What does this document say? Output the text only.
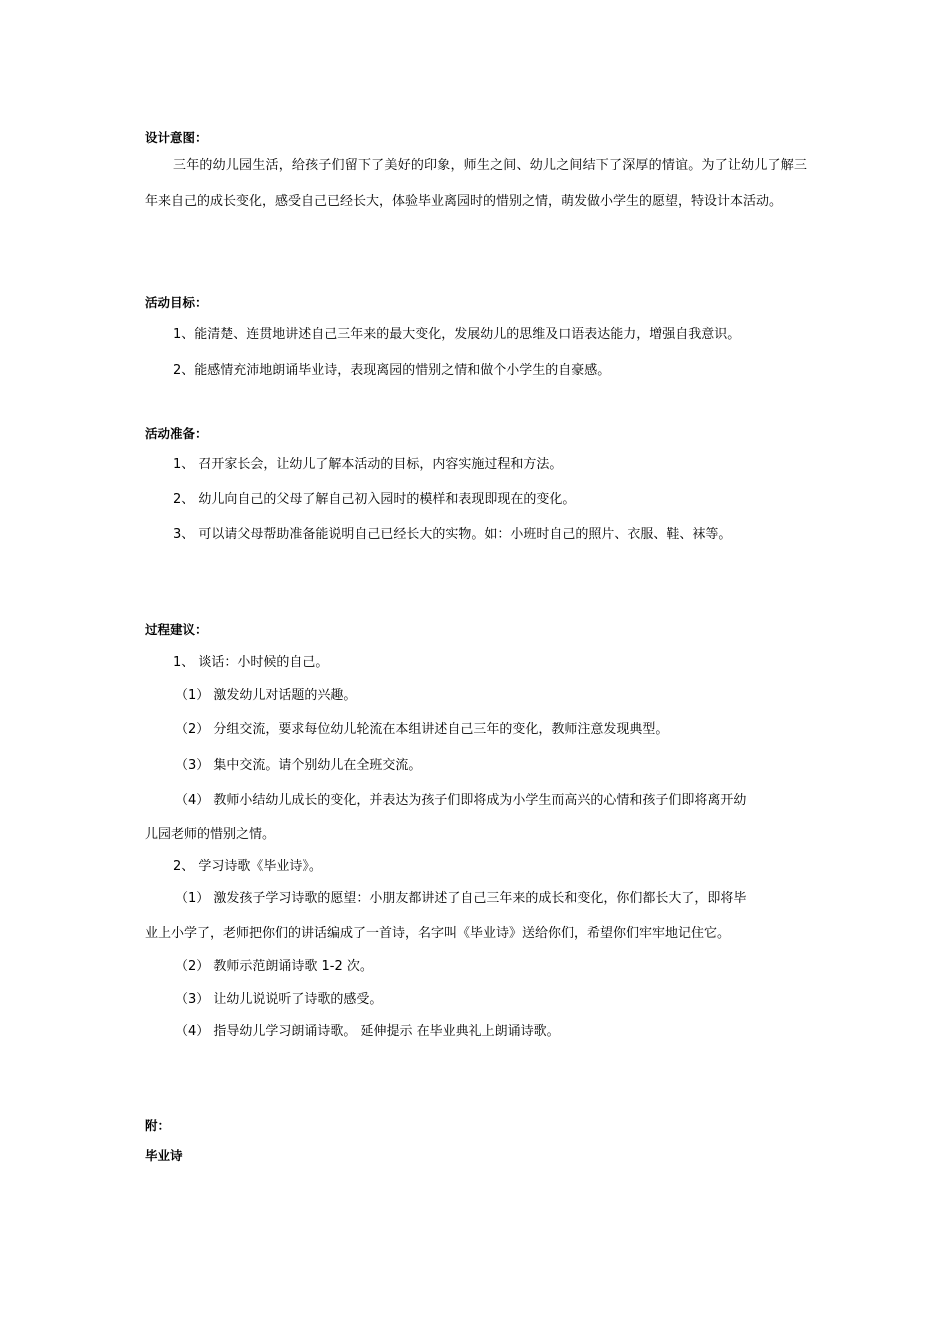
设计意图：
三年的幼儿园生活，给孩子们留下了美好的印象，师生之间、幼儿之间结下了深厚的情谊。为了让幼儿了解三年来自己的成长变化，感受自己已经长大，体验毕业离园时的惜别之情，萌发做小学生的愿望，特设计本活动。
活动目标：
1、能清楚、连贯地讲述自己三年来的最大变化，发展幼儿的思维及口语表达能力，增强自我意识。
2、能感情充沛地朗诵毕业诗，表现离园的惜别之情和做个小学生的自豪感。
活动准备：
1、 召开家长会，让幼儿了解本活动的目标，内容实施过程和方法。
2、 幼儿向自己的父母了解自己初入园时的模样和表现即现在的变化。
3、 可以请父母帮助准备能说明自己已经长大的实物。如：小班时自己的照片、衣服、鞋、袜等。
过程建议：
1、 谈话：小时候的自己。
（1） 激发幼儿对话题的兴趣。
（2） 分组交流，要求每位幼儿轮流在本组讲述自己三年的变化，教师注意发现典型。
（3） 集中交流。请个别幼儿在全班交流。
（4） 教师小结幼儿成长的变化，并表达为孩子们即将成为小学生而高兴的心情和孩子们即将离开幼
儿园老师的惜别之情。
2、 学习诗歌《毕业诗》。
（1） 激发孩子学习诗歌的愿望：小朋友都讲述了自己三年来的成长和变化，你们都长大了，即将毕
业上小学了，老师把你们的讲话编成了一首诗，名字叫《毕业诗》送给你们，希望你们牢牢地记住它。
（2） 教师示范朗诵诗歌 1-2 次。
（3） 让幼儿说说听了诗歌的感受。
（4） 指导幼儿学习朗诵诗歌。 延伸提示 在毕业典礼上朗诵诗歌。
附：
毕业诗
